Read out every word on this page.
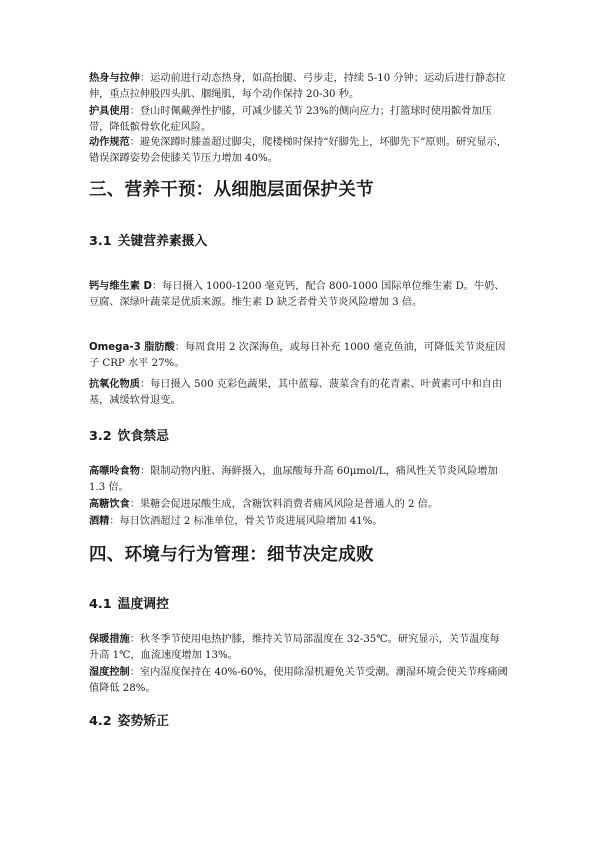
热身与拉伸：运动前进行动态热身，如高抬腿、弓步走，持续 5-10 分钟；运动后进行静态拉伸，重点拉伸股四头肌、腘绳肌，每个动作保持 20-30 秒。

护具使用：登山时佩戴弹性护膝，可减少膝关节 23%的侧向应力；打篮球时使用髌骨加压带，降低髌骨软化症风险。

动作规范：避免深蹲时膝盖超过脚尖，爬楼梯时保持“好脚先上，坏脚先下”原则。研究显示，错误深蹲姿势会使膝关节压力增加 40%。

三、营养干预：从细胞层面保护关节
3.1 关键营养素摄入

钙与维生素 D：每日摄入 1000-1200 毫克钙，配合 800-1000 国际单位维生素 D。牛奶、豆腐、深绿叶蔬菜是优质来源。维生素 D 缺乏者骨关节炎风险增加 3 倍。

Omega-3 脂肪酸：每周食用 2 次深海鱼，或每日补充 1000 毫克鱼油，可降低关节炎症因子 CRP 水平 27%。

抗氧化物质：每日摄入 500 克彩色蔬果，其中蓝莓、菠菜含有的花青素、叶黄素可中和自由基，减缓软骨退变。

3.2 饮食禁忌

高嘌呤食物：限制动物内脏、海鲜摄入，血尿酸每升高 60μmol/L，痛风性关节炎风险增加 1.3 倍。

高糖饮食：果糖会促进尿酸生成，含糖饮料消费者痛风风险是普通人的 2 倍。

酒精：每日饮酒超过 2 标准单位，骨关节炎进展风险增加 41%。

四、环境与行为管理：细节决定成败
4.1 温度调控

保暖措施：秋冬季节使用电热护膝，维持关节局部温度在 32-35℃。研究显示，关节温度每升高 1℃，血流速度增加 13%。

湿度控制：室内湿度保持在 40%-60%，使用除湿机避免关节受潮。潮湿环境会使关节疼痛阈值降低 28%。

4.2 姿势矫正
